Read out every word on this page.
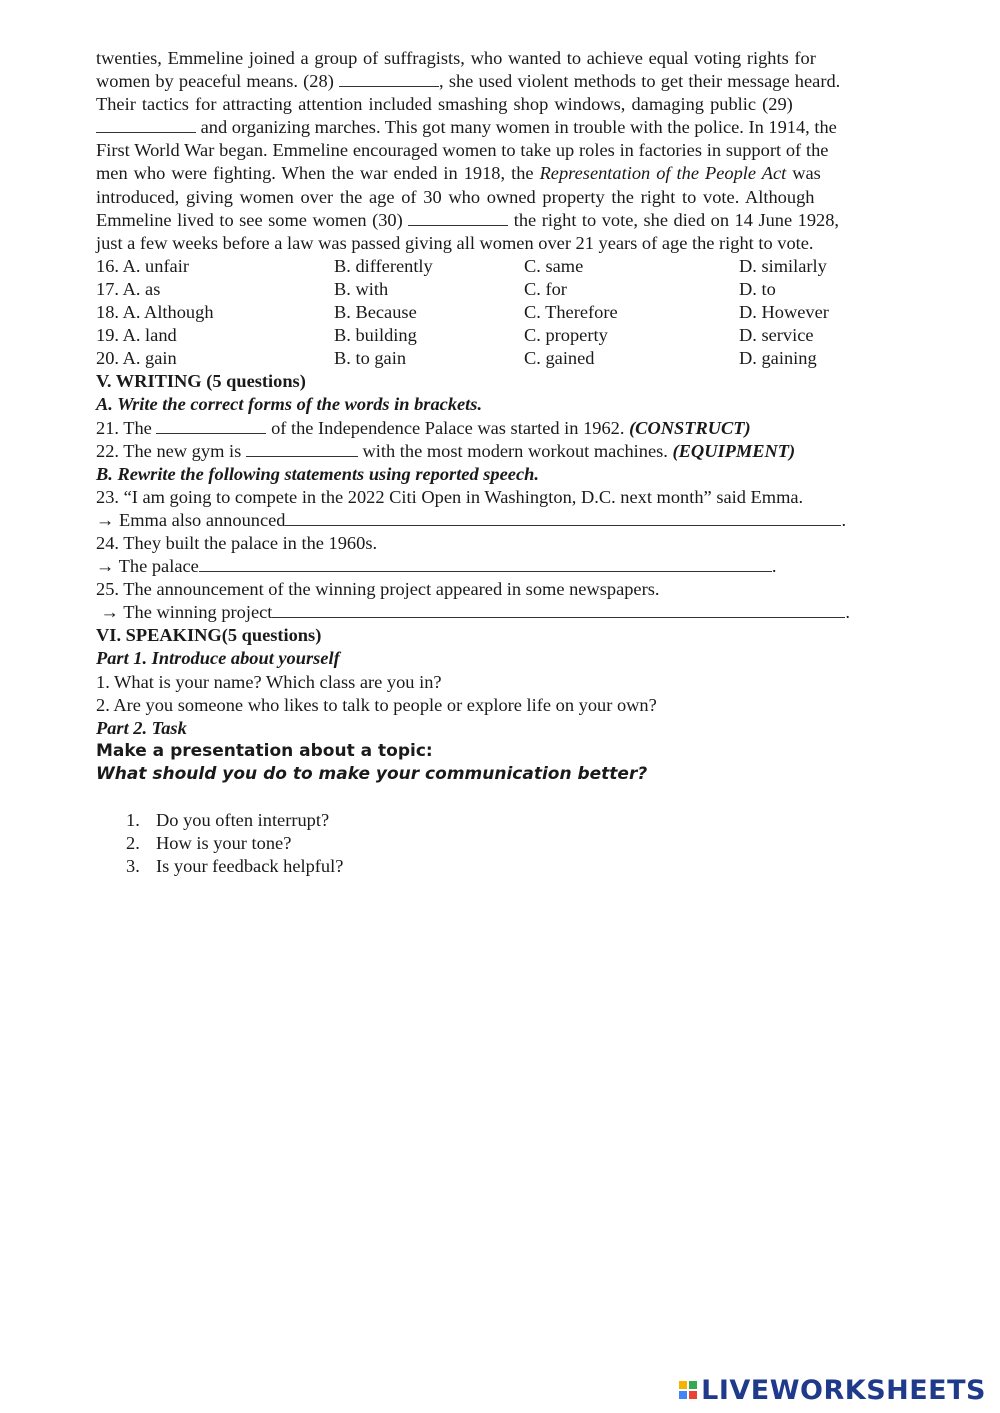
twenties, Emmeline joined a group of suffragists, who wanted to achieve equal voting rights for

women by peaceful means. (28)	, she used violent methods to get their message heard.

Their tactics for attracting attention included smashing shop windows, damaging public (29)

and organizing marches. This got many women in trouble with the police. In 1914, the

First World War began. Emmeline encouraged women to take up roles in factories in support of the

men who were fighting. When the war ended in 1918, the Representation of the People Act was

introduced, giving women over the age of 30 who owned property the right to vote. Although

Emmeline lived to see some women (30)	the right to vote, she died on 14 June 1928,

just a few weeks before a law was passed giving all women over 21 years of age the right to vote.

16. A. unfair	B. differently	C. same	D. similarly
17. A. as	B. with	C. for	D. to
18. A. Although	B. Because	C. Therefore	D. However
19. A. land	B. building	C. property	D. service
20. A. gain	B. to gain	C. gained	D. gaining
V. WRITING (5 questions)
A. Write the correct forms of the words in brackets.
21. The	of the Independence Palace was started in 1962. (CONSTRUCT)
22. The new gym is	with the most modern workout machines. (EQUIPMENT)
B. Rewrite the following statements using reported speech.
23. “I am going to compete in the 2022 Citi Open in Washington, D.C. next month” said Emma.
→ Emma also announced	.
24. They built the palace in the 1960s.
→ The palace	.
25. The announcement of the winning project appeared in some newspapers.
→ The winning project	.
VI. SPEAKING(5 questions)
Part 1. Introduce about yourself
1. What is your name? Which class are you in?
2. Are you someone who likes to talk to people or explore life on your own?
Part 2. Task
Make a presentation about a topic:
What should you do to make your communication better?
1. Do you often interrupt?
2. How is your tone?
3. Is your feedback helpful?
LIVEWORKSHEETS
